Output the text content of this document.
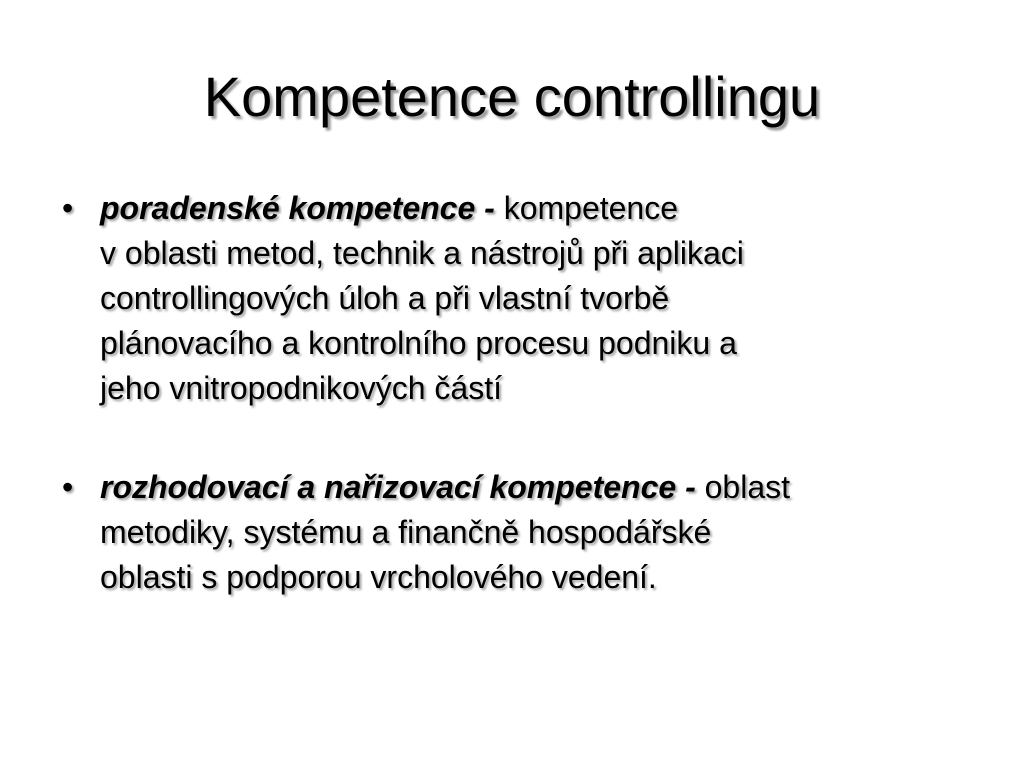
Kompetence controllingu
• poradenské kompetence - kompetence
v oblasti metod, technik a nástrojů při aplikaci
controllingových úloh a při vlastní tvorbě
plánovacího a kontrolního procesu podniku a
jeho vnitropodnikových částí
• rozhodovací a nařizovací kompetence - oblast
metodiky, systému a finančně hospodářské
oblasti s podporou vrcholového vedení.
